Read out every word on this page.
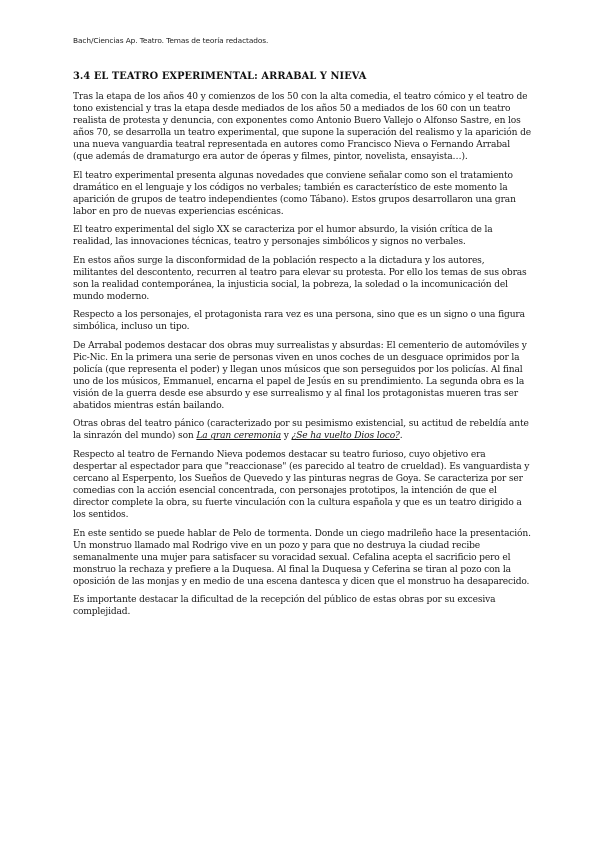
Bach/Ciencias Ap. Teatro. Temas de teoría redactados.
3.4 EL TEATRO EXPERIMENTAL: ARRABAL Y NIEVA

Tras la etapa de los años 40 y comienzos de los 50 con la alta comedia, el teatro cómico y el teatro de tono existencial y tras la etapa desde mediados de los años 50 a mediados de los 60 con un teatro realista de protesta y denuncia, con exponentes como Antonio Buero Vallejo o Alfonso Sastre, en los años 70, se desarrolla un teatro experimental, que supone la superación del realismo y la aparición de una nueva vanguardia teatral representada en autores como Francisco Nieva o Fernando Arrabal (que además de dramaturgo era autor de óperas y filmes, pintor, novelista, ensayista…).

El teatro experimental presenta algunas novedades que conviene señalar como son el tratamiento dramático en el lenguaje y los códigos no verbales; también es característico de este momento la aparición de grupos de teatro independientes (como Tábano). Estos grupos desarrollaron una gran labor en pro de nuevas experiencias escénicas.

El teatro experimental del siglo XX se caracteriza por el humor absurdo, la visión crítica de la realidad, las innovaciones técnicas, teatro y personajes simbólicos y signos no verbales.

En estos años surge la disconformidad de la población respecto a la dictadura y los autores, militantes del descontento, recurren al teatro para elevar su protesta. Por ello los temas de sus obras son la realidad contemporánea, la injusticia social, la pobreza, la soledad o la incomunicación del mundo moderno.

Respecto a los personajes, el protagonista rara vez es una persona, sino que es un signo o una figura simbólica, incluso un tipo.

De Arrabal podemos destacar dos obras muy surrealistas y absurdas: El cementerio de automóviles y Pic-Nic. En la primera una serie de personas viven en unos coches de un desguace oprimidos por la policía (que representa el poder) y llegan unos músicos que son perseguidos por los policías. Al final uno de los músicos, Emmanuel, encarna el papel de Jesús en su prendimiento. La segunda obra es la visión de la guerra desde ese absurdo y ese surrealismo y al final los protagonistas mueren tras ser abatidos mientras están bailando.

Otras obras del teatro pánico (caracterizado por su pesimismo existencial, su actitud de rebeldía ante la sinrazón del mundo) son La gran ceremonia y ¿Se ha vuelto Dios loco?.

Respecto al teatro de Fernando Nieva podemos destacar su teatro furioso, cuyo objetivo era despertar al espectador para que "reaccionase" (es parecido al teatro de crueldad). Es vanguardista y cercano al Esperpento, los Sueños de Quevedo y las pinturas negras de Goya. Se caracteriza por ser comedias con la acción esencial concentrada, con personajes prototipos, la intención de que el director complete la obra, su fuerte vinculación con la cultura española y que es un teatro dirigido a los sentidos.

En este sentido se puede hablar de Pelo de tormenta. Donde un ciego madrileño hace la presentación. Un monstruo llamado mal Rodrigo vive en un pozo y para que no destruya la ciudad recibe semanalmente una mujer para satisfacer su voracidad sexual. Cefalina acepta el sacrificio pero el monstruo la rechaza y prefiere a la Duquesa. Al final la Duquesa y Ceferina se tiran al pozo con la oposición de las monjas y en medio de una escena dantesca y dicen que el monstruo ha desaparecido.

Es importante destacar la dificultad de la recepción del público de estas obras por su excesiva complejidad.
